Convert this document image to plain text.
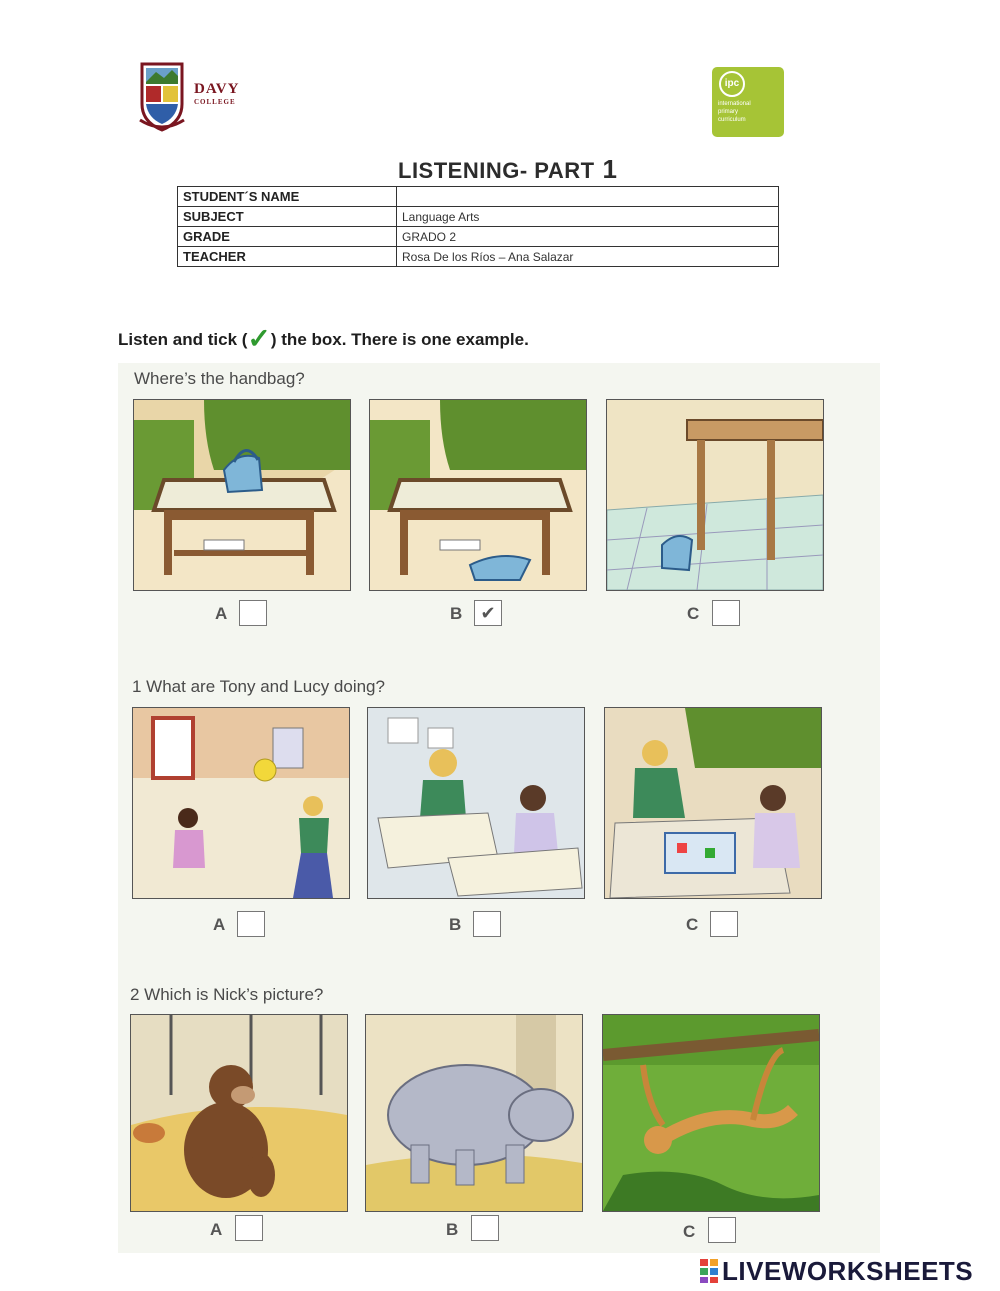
DAVY
COLLEGE
ipc
international
primary
curriculum
LISTENING- PART 1
STUDENT´S NAME	
SUBJECT	Language Arts
GRADE	GRADO 2
TEACHER	Rosa De los Ríos – Ana Salazar
Listen and tick (✓) the box. There is one example.
Where’s the handbag?
A	B	✔	C
1 What are Tony and Lucy doing?
A	B	C
2 Which is Nick’s picture?
A	B	C
LIVEWORKSHEETS
